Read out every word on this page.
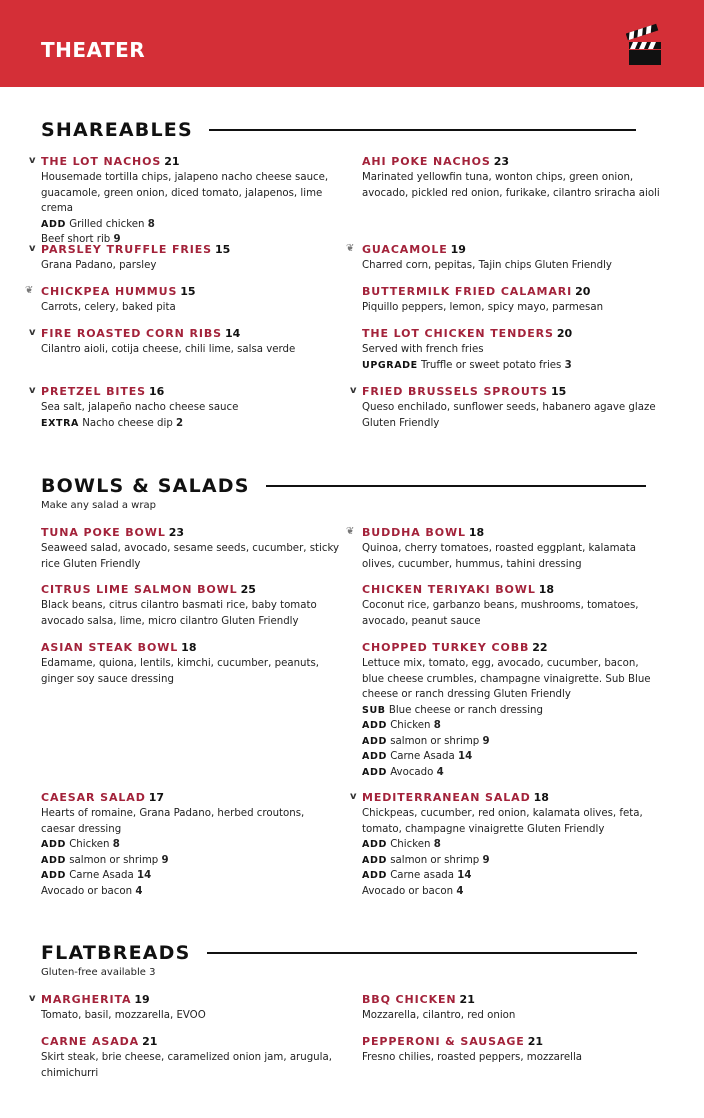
THEATER
SHAREABLES
THE LOT NACHOS 21
Housemade tortilla chips, jalapeno nacho cheese sauce, guacamole, green onion, diced tomato, jalapenos, lime crema
ADD Grilled chicken 8
Beef short rib 9
v	AHI POKE NACHOS 23
Marinated yellowfin tuna, wonton chips, green onion, avocado, pickled red onion, furikake, cilantro sriracha aioli
PARSLEY TRUFFLE FRIES 15
Grana Padano, parsley
v	GUACAMOLE 19
Charred corn, pepitas, Tajin chips Gluten Friendly
❦
CHICKPEA HUMMUS 15
Carrots, celery, baked pita
❦	BUTTERMILK FRIED CALAMARI 20
Piquillo peppers, lemon, spicy mayo, parmesan
FIRE ROASTED CORN RIBS 14
Cilantro aioli, cotija cheese, chili lime, salsa verde
v	THE LOT CHICKEN TENDERS 20
Served with french fries
UPGRADE Truffle or sweet potato fries 3
PRETZEL BITES 16
Sea salt, jalapeño nacho cheese sauce
EXTRA Nacho cheese dip 2
v	FRIED BRUSSELS SPROUTS 15
Queso enchilado, sunflower seeds, habanero agave glaze Gluten Friendly
v
BOWLS & SALADS
Make any salad a wrap
TUNA POKE BOWL 23
Seaweed salad, avocado, sesame seeds, cucumber, sticky rice Gluten Friendly
BUDDHA BOWL 18
Quinoa, cherry tomatoes, roasted eggplant, kalamata olives, cucumber, hummus, tahini dressing
❦
CITRUS LIME SALMON BOWL 25
Black beans, citrus cilantro basmati rice, baby tomato avocado salsa, lime, micro cilantro Gluten Friendly
CHICKEN TERIYAKI BOWL 18
Coconut rice, garbanzo beans, mushrooms, tomatoes, avocado, peanut sauce
ASIAN STEAK BOWL 18
Edamame, quiona, lentils, kimchi, cucumber, peanuts, ginger soy sauce dressing
CHOPPED TURKEY COBB 22
Lettuce mix, tomato, egg, avocado, cucumber, bacon, blue cheese crumbles, champagne vinaigrette. Sub Blue cheese or ranch dressing Gluten Friendly
SUB Blue cheese or ranch dressing
ADD Chicken 8
ADD salmon or shrimp 9
ADD Carne Asada 14
ADD Avocado 4
CAESAR SALAD 17
Hearts of romaine, Grana Padano, herbed croutons, caesar dressing
ADD Chicken 8
ADD salmon or shrimp 9
ADD Carne Asada 14
Avocado or bacon 4
MEDITERRANEAN SALAD 18
Chickpeas, cucumber, red onion, kalamata olives, feta, tomato, champagne vinaigrette Gluten Friendly
ADD Chicken 8
ADD salmon or shrimp 9
ADD Carne asada 14
Avocado or bacon 4
v
FLATBREADS
Gluten-free available 3
MARGHERITA 19
Tomato, basil, mozzarella, EVOO
v	BBQ CHICKEN 21
Mozzarella, cilantro, red onion
CARNE ASADA 21
Skirt steak, brie cheese, caramelized onion jam, arugula, chimichurri
PEPPERONI & SAUSAGE 21
Fresno chilies, roasted peppers, mozzarella
